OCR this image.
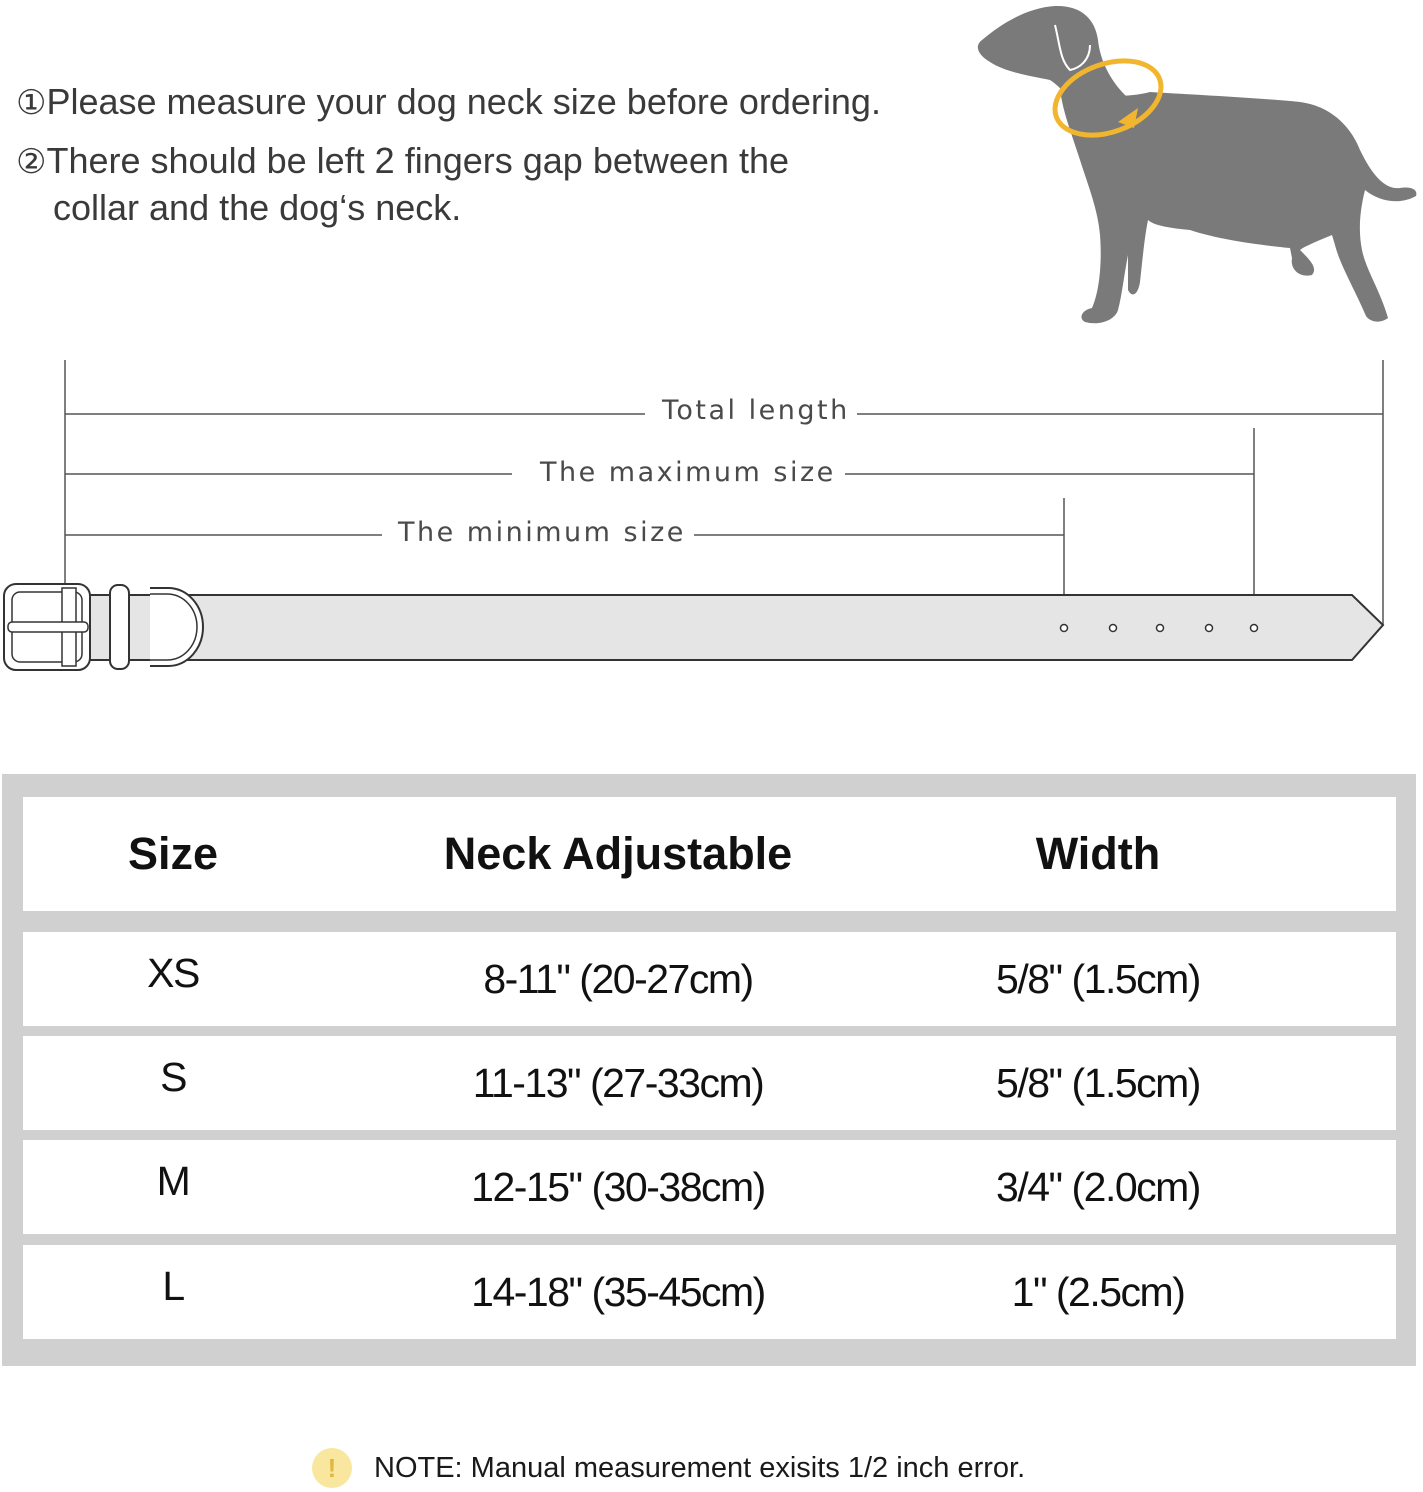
①Please measure your dog neck size before ordering.

②There should be left 2 fingers gap between the

collar and the dog‘s neck.

Total length
The maximum size
The minimum size
Size	Neck Adjustable	Width
XS	8-11" (20-27cm)	5/8" (1.5cm)
S	11-13" (27-33cm)	5/8" (1.5cm)
M	12-15" (30-38cm)	3/4" (2.0cm)
L	14-18" (35-45cm)	1" (2.5cm)
!	NOTE: Manual measurement exisits 1/2 inch error.
